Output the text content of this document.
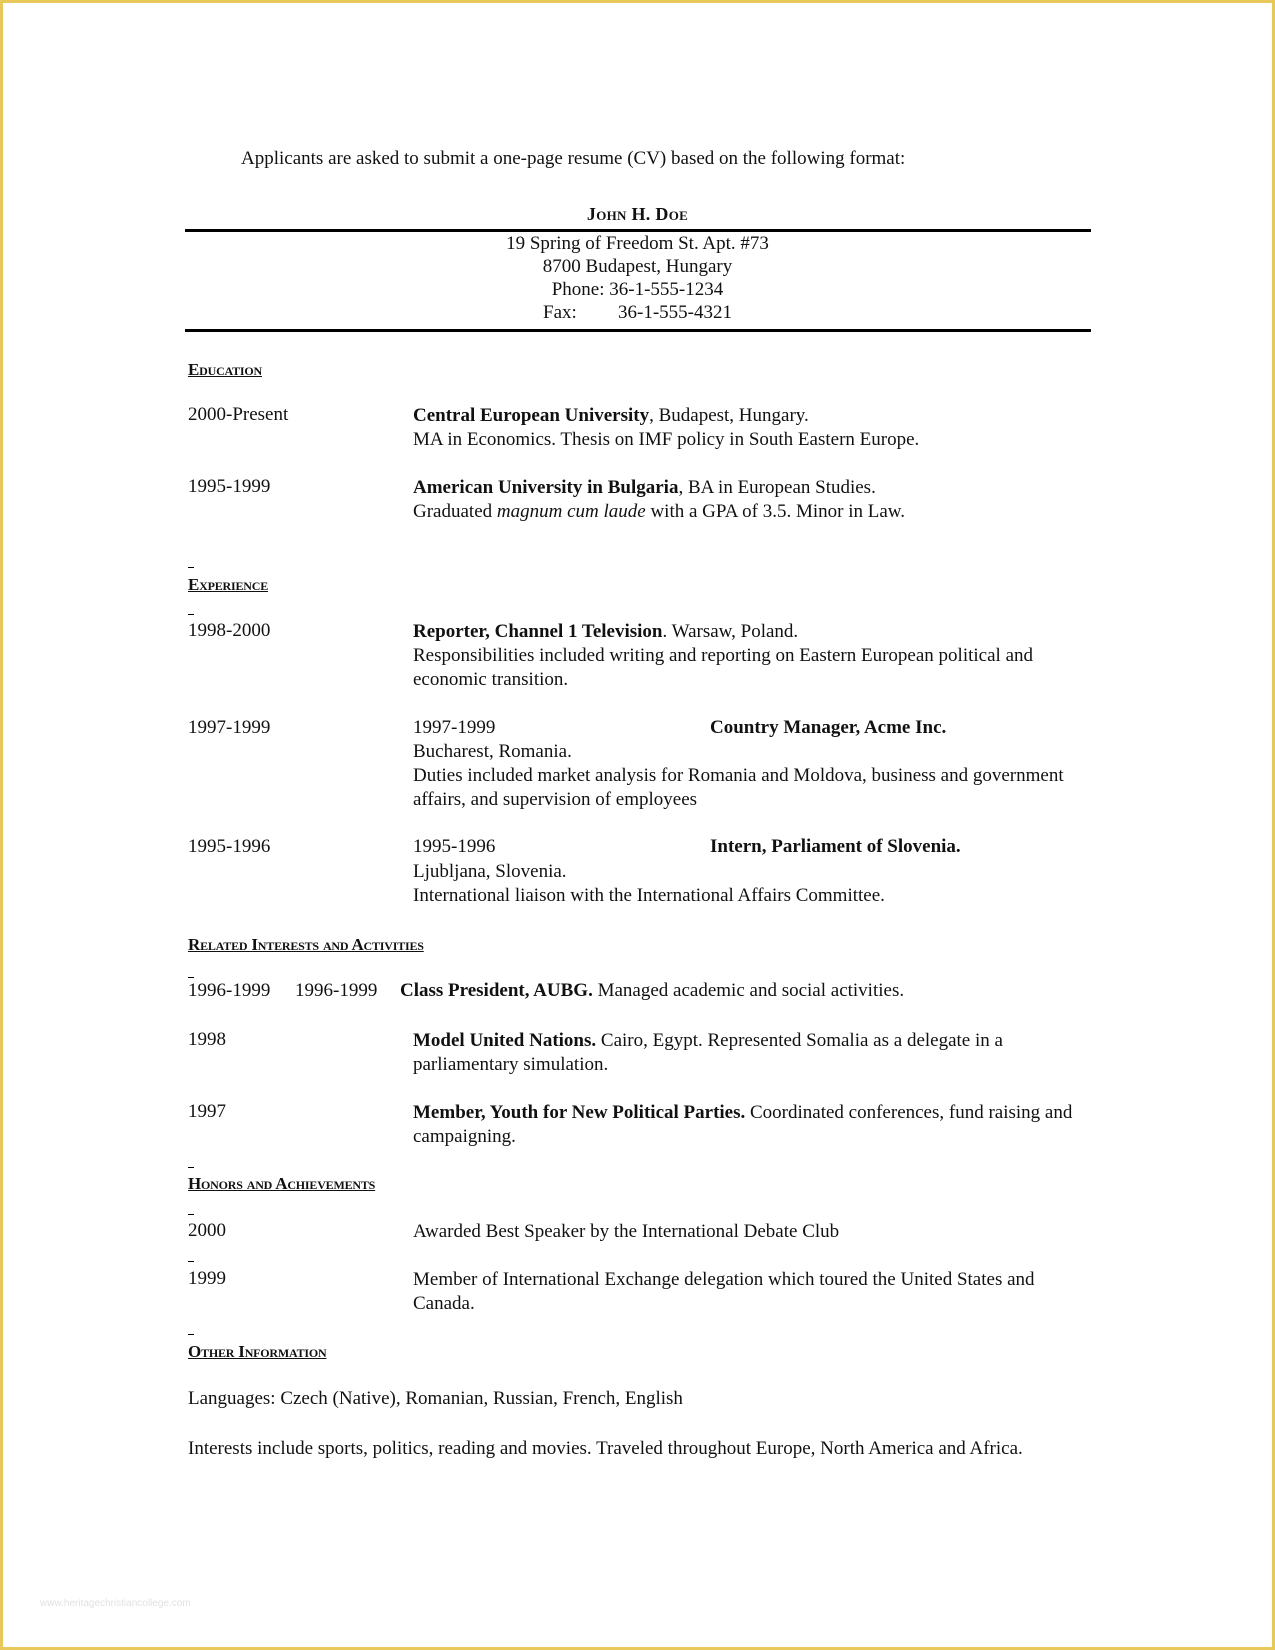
Applicants are asked to submit a one-page resume (CV) based on the following format:
John H. Doe
19 Spring of Freedom St. Apt. #73
8700 Budapest, Hungary
Phone: 36-1-555-1234
Fax: 36-1-555-4321
Education
2000-Present	Central European University, Budapest, Hungary.
MA in Economics. Thesis on IMF policy in South Eastern Europe.
1995-1999	American University in Bulgaria, BA in European Studies.
Graduated magnum cum laude with a GPA of 3.5. Minor in Law.
Experience
1998-2000	Reporter, Channel 1 Television. Warsaw, Poland.
Responsibilities included writing and reporting on Eastern European political and economic transition.
1997-1999	1997-1999	Country Manager, Acme Inc.
Bucharest, Romania.
Duties included market analysis for Romania and Moldova, business and government affairs, and supervision of employees
1995-1996	1995-1996	Intern, Parliament of Slovenia.
Ljubljana, Slovenia.
International liaison with the International Affairs Committee.
Related Interests and Activities
1996-1999 1996-1999 Class President, AUBG. Managed academic and social activities.
1998	Model United Nations. Cairo, Egypt. Represented Somalia as a delegate in a parliamentary simulation.
1997	Member, Youth for New Political Parties. Coordinated conferences, fund raising and campaigning.
Honors and Achievements
2000	Awarded Best Speaker by the International Debate Club
1999	Member of International Exchange delegation which toured the United States and Canada.
Other Information
Languages: Czech (Native), Romanian, Russian, French, English
Interests include sports, politics, reading and movies. Traveled throughout Europe, North America and Africa.
www.heritagechristiancollege.com
